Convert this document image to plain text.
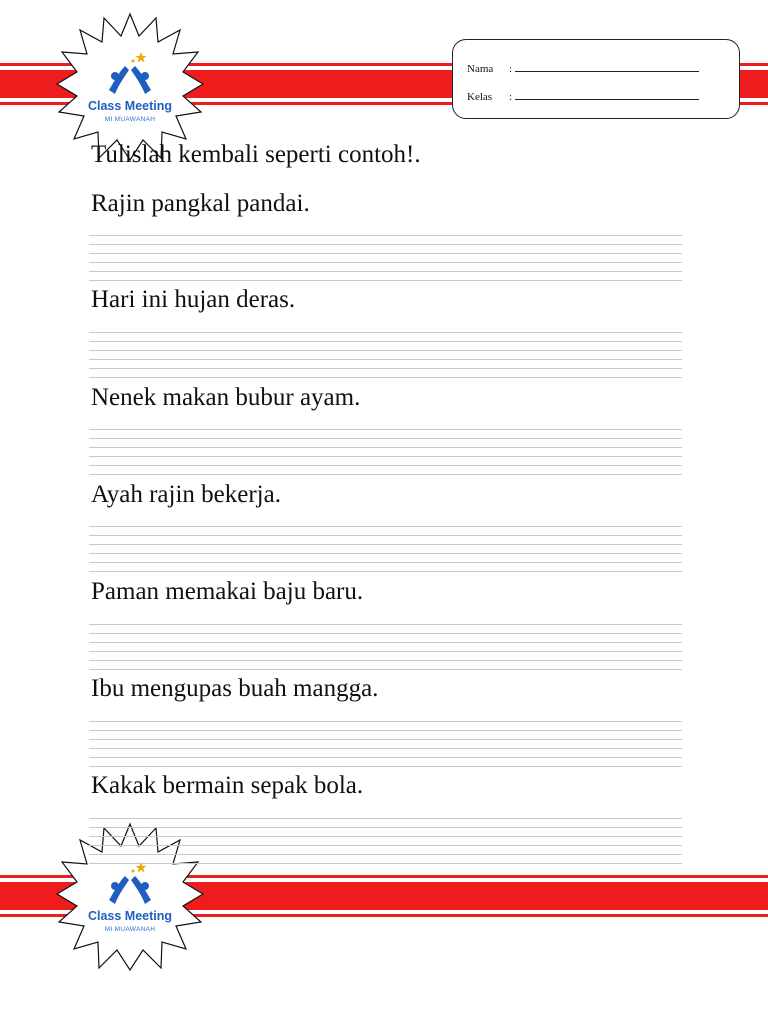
Class Meeting
MI MUAWANAH
Class Meeting
MI MUAWANAH
Nama :
Kelas :
Tulislah kembali seperti contoh!.
Rajin pangkal pandai.
Hari ini hujan deras.
Nenek makan bubur ayam.
Ayah rajin bekerja.
Paman memakai baju baru.
Ibu mengupas buah mangga.
Kakak bermain sepak bola.
